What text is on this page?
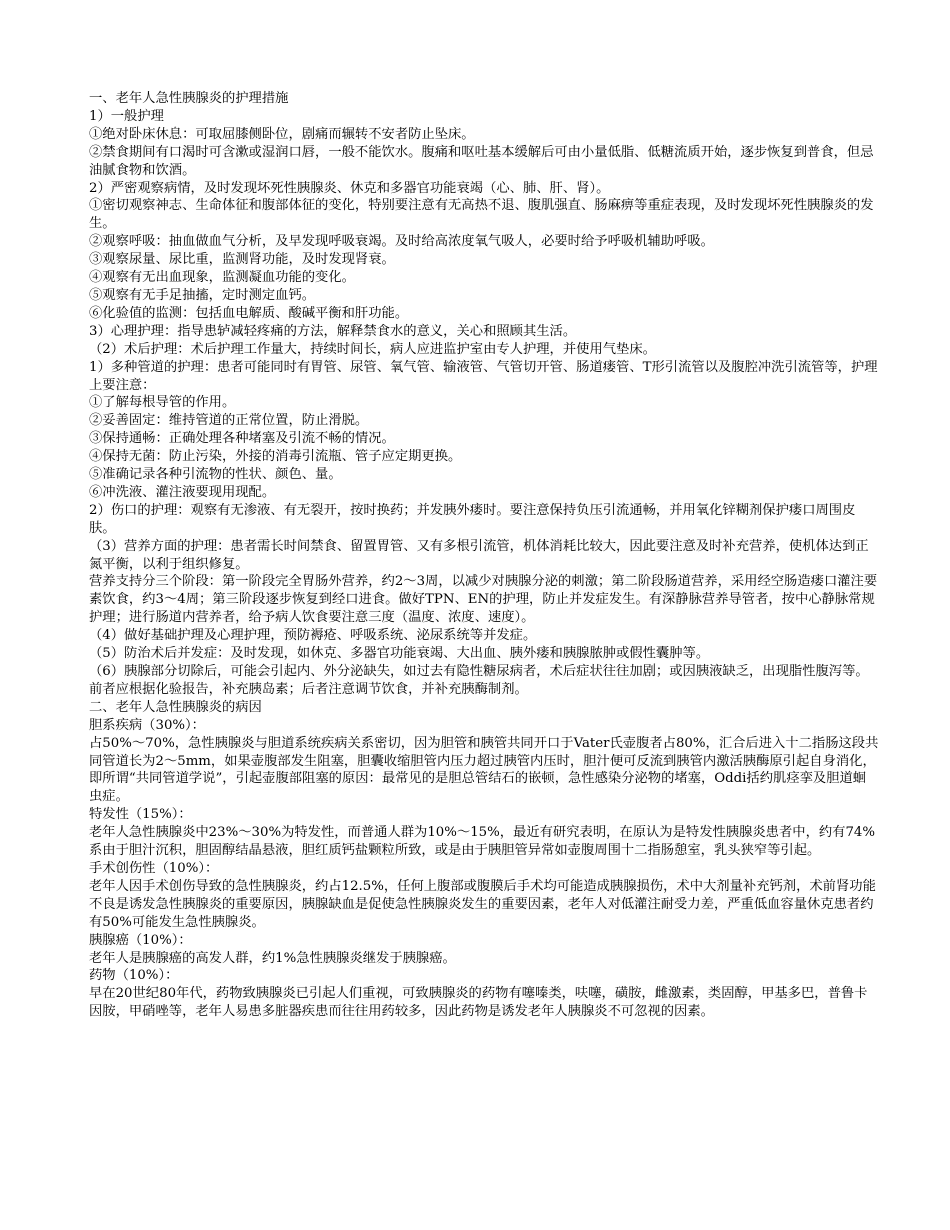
一、老年人急性胰腺炎的护理措施

1）一般护理

①绝对卧床休息：可取屈膝侧卧位，剧痛而辗转不安者防止坠床。

②禁食期间有口渴时可含漱或湿润口唇，一般不能饮水。腹痛和呕吐基本缓解后可由小量低脂、低糖流质开始，逐步恢复到普食，但忌油腻食物和饮酒。

2）严密观察病情，及时发现坏死性胰腺炎、休克和多器官功能衰竭（心、肺、肝、肾）。

①密切观察神志、生命体征和腹部体征的变化，特别要注意有无高热不退、腹肌强直、肠麻痹等重症表现，及时发现坏死性胰腺炎的发生。

②观察呼吸：抽血做血气分析，及早发现呼吸衰竭。及时给高浓度氧气吸人，必要时给予呼吸机辅助呼吸。

③观察尿量、尿比重，监测肾功能，及时发现肾衰。

④观察有无出血现象，监测凝血功能的变化。

⑤观察有无手足抽搐，定时测定血钙。

⑥化验值的监测：包括血电解质、酸碱平衡和肝功能。

3）心理护理：指导患轳减轻疼痛的方法，解释禁食水的意义，关心和照顾其生活。

（2）术后护理：术后护理工作量大，持续时间长，病人应进监护室由专人护理，并使用气垫床。

1）多种管道的护理：患者可能同时有胃管、尿管、氧气管、输液管、气管切开管、肠道瘘管、T形引流管以及腹腔冲洗引流管等，护理上要注意：

①了解每根导管的作用。

②妥善固定：维持管道的正常位置，防止滑脱。

③保持通畅：正确处理各种堵塞及引流不畅的情况。

④保持无菌：防止污染，外接的消毒引流瓶、管子应定期更换。

⑤准确记录各种引流物的性状、颜色、量。

⑥冲洗液、灌注液要现用现配。

2）伤口的护理：观察有无渗液、有无裂开，按时换药；并发胰外瘘时。要注意保持负压引流通畅，并用氧化锌糊剂保护瘘口周围皮肤。

（3）营养方面的护理：患者需长时间禁食、留置胃管、又有多根引流管，机体消耗比较大，因此要注意及时补充营养，使机体达到正氮平衡，以利于组织修复。

营养支持分三个阶段：第一阶段完全胃肠外营养，约2～3周，以减少对胰腺分泌的刺激；第二阶段肠道营养，采用经空肠造瘘口灌注要素饮食，约3～4周；第三阶段逐步恢复到经口进食。做好TPN、EN的护理，防止并发症发生。有深静脉营养导管者，按中心静脉常规护理；进行肠道内营养者，给予病人饮食要注意三度（温度、浓度、速度）。

（4）做好基础护理及心理护理，预防褥疮、呼吸系统、泌尿系统等并发症。

（5）防治术后并发症：及时发现，如休克、多器官功能衰竭、大出血、胰外瘘和胰腺脓肿或假性囊肿等。

（6）胰腺部分切除后，可能会引起内、外分泌缺失，如过去有隐性糖尿病者，术后症状往往加剧；或因胰液缺乏，出现脂性腹泻等。前者应根据化验报告，补充胰岛素；后者注意调节饮食，并补充胰酶制剂。

二、老年人急性胰腺炎的病因

胆系疾病（30%）：

占50%～70%，急性胰腺炎与胆道系统疾病关系密切，因为胆管和胰管共同开口于Vater氏壶腹者占80%，汇合后进入十二指肠这段共同管道长为2～5mm，如果壶腹部发生阻塞，胆囊收缩胆管内压力超过胰管内压时，胆汁便可反流到胰管内激活胰酶原引起自身消化，即所谓“共同管道学说”，引起壶腹部阻塞的原因：最常见的是胆总管结石的嵌顿，急性感染分泌物的堵塞，Oddi括约肌痉挛及胆道蛔虫症。

特发性（15%）：

老年人急性胰腺炎中23%～30%为特发性，而普通人群为10%～15%，最近有研究表明，在原认为是特发性胰腺炎患者中，约有74%系由于胆汁沉积，胆固醇结晶悬液，胆红质钙盐颗粒所致，或是由于胰胆管异常如壶腹周围十二指肠憩室，乳头狭窄等引起。

手术创伤性（10%）：

老年人因手术创伤导致的急性胰腺炎，约占12.5%，任何上腹部或腹膜后手术均可能造成胰腺损伤，术中大剂量补充钙剂，术前肾功能不良是诱发急性胰腺炎的重要原因，胰腺缺血是促使急性胰腺炎发生的重要因素，老年人对低灌注耐受力差，严重低血容量休克患者约有50%可能发生急性胰腺炎。

胰腺癌（10%）：

老年人是胰腺癌的高发人群，约1%急性胰腺炎继发于胰腺癌。

药物（10%）：

早在20世纪80年代，药物致胰腺炎已引起人们重视，可致胰腺炎的药物有噻嗪类，呋噻，磺胺，雌激素，类固醇，甲基多巴，普鲁卡因胺，甲硝唑等，老年人易患多脏器疾患而往往用药较多，因此药物是诱发老年人胰腺炎不可忽视的因素。
